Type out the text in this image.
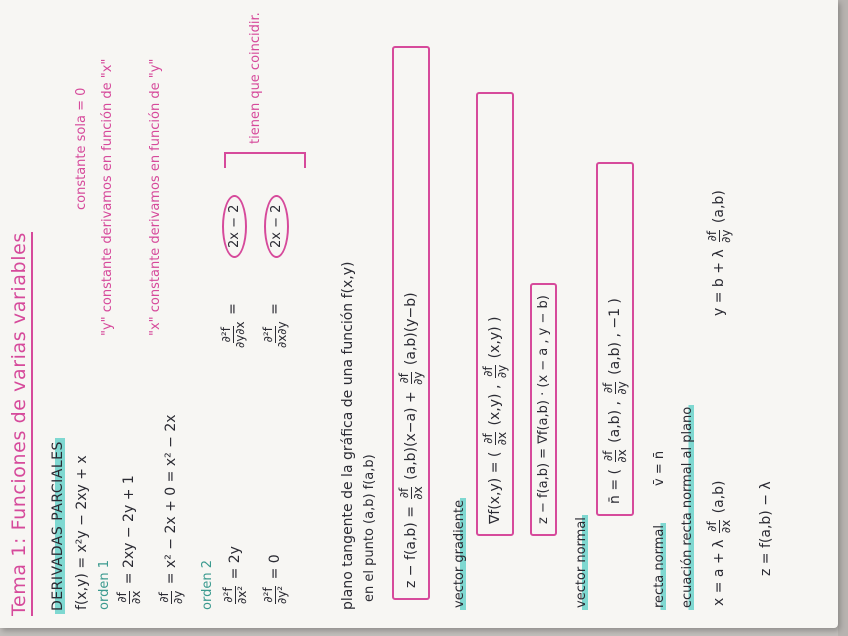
Tema 1: Funciones de varias variables DERIVADAS PARCIALES f(x,y) = x²y − 2xy + x orden 1
constante sola = 0
∂f ∂x
= 2xy − 2y + 1
"y" constante derivamos en función de "x"
∂f ∂y
= x² − 2x + 0 = x² − 2x
"x" constante derivamos en función de "y"
orden 2 ∂²f ∂x²
= 2y
∂²f ∂y²
= 0
∂²f ∂y∂x
=
2x − 2
∂²f ∂x∂y
=
2x − 2
tienen que coincidir.
plano tangente de la gráfica de una función f(x,y) en el punto (a,b) f(a,b)	z − f(a,b) =
∂f ∂x
(a,b)(x−a) +
∂f ∂y
(a,b)(y−b)
vector gradiente
∇f(x,y) = (
∂f ∂x
(x,y) ,
∂f ∂y
(x,y) )	z − f(a,b) = ∇f(a,b) · (x − a , y − b)
vector normal
n̄ = (
∂f ∂x
(a,b) ,
∂f ∂y
(a,b) , −1 )
recta normal
v̄ = n̄ ecuación recta normal al plano	x = a + λ
∂f ∂x
(a,b)
y = b + λ
∂f ∂y
(a,b)
z = f(a,b) − λ
